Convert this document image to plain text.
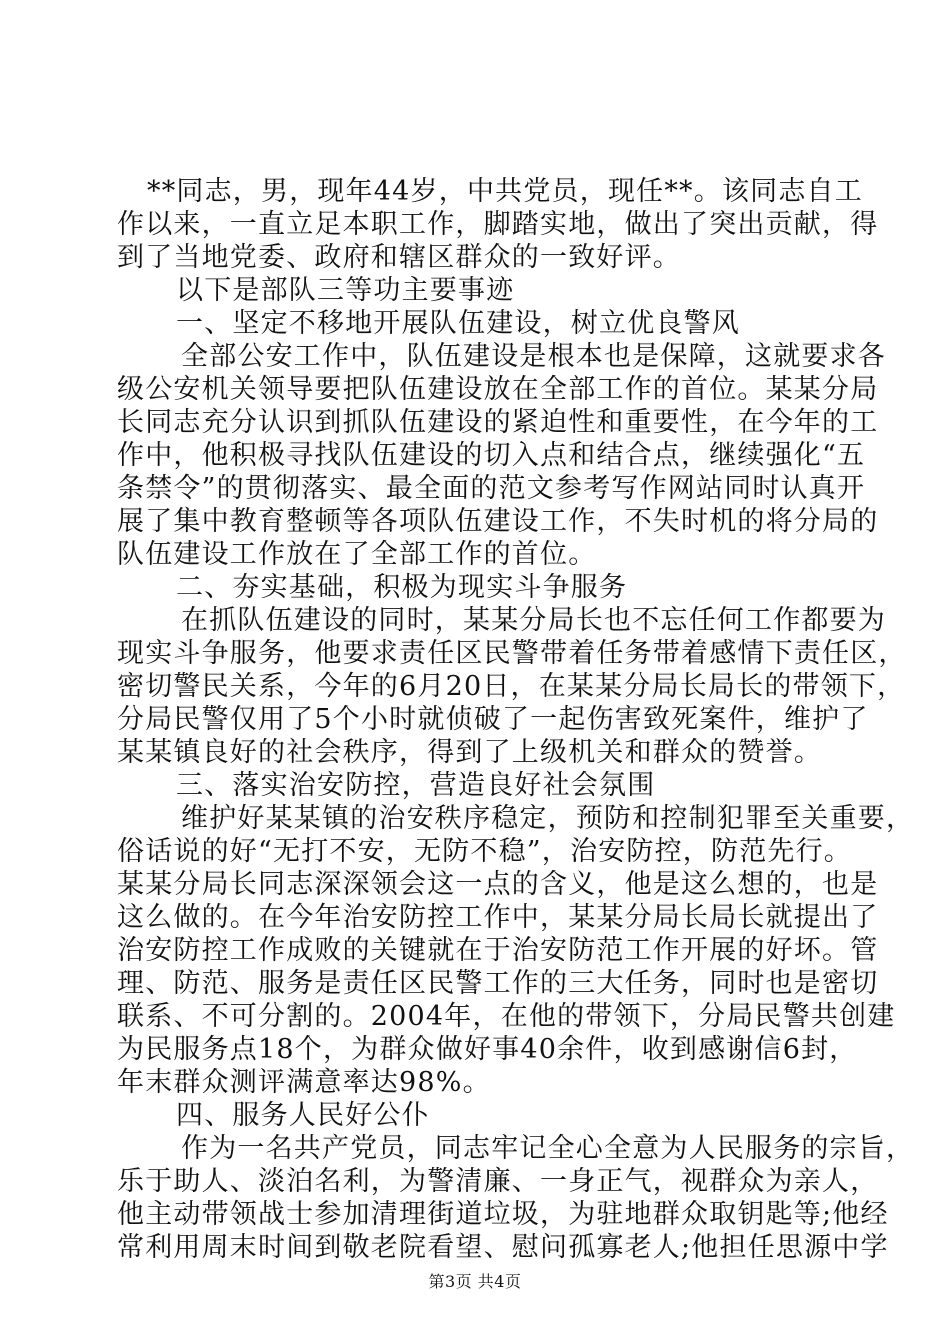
**同志，男，现年44岁，中共党员，现任**。该同志自工
作以来，一直立足本职工作，脚踏实地，做出了突出贡献，得
到了当地党委、政府和辖区群众的一致好评。
以下是部队三等功主要事迹
一、坚定不移地开展队伍建设，树立优良警风
全部公安工作中，队伍建设是根本也是保障，这就要求各
级公安机关领导要把队伍建设放在全部工作的首位。某某分局
长同志充分认识到抓队伍建设的紧迫性和重要性，在今年的工
作中，他积极寻找队伍建设的切入点和结合点，继续强化“五
条禁令”的贯彻落实、最全面的范文参考写作网站同时认真开
展了集中教育整顿等各项队伍建设工作，不失时机的将分局的
队伍建设工作放在了全部工作的首位。
二、夯实基础，积极为现实斗争服务
在抓队伍建设的同时，某某分局长也不忘任何工作都要为
现实斗争服务，他要求责任区民警带着任务带着感情下责任区，
密切警民关系，今年的6月20日，在某某分局长局长的带领下，
分局民警仅用了5个小时就侦破了一起伤害致死案件，维护了
某某镇良好的社会秩序，得到了上级机关和群众的赞誉。
三、落实治安防控，营造良好社会氛围
维护好某某镇的治安秩序稳定，预防和控制犯罪至关重要，
俗话说的好“无打不安，无防不稳”，治安防控，防范先行。
某某分局长同志深深领会这一点的含义，他是这么想的，也是
这么做的。在今年治安防控工作中，某某分局长局长就提出了
治安防控工作成败的关键就在于治安防范工作开展的好坏。管
理、防范、服务是责任区民警工作的三大任务，同时也是密切
联系、不可分割的。2004年，在他的带领下，分局民警共创建
为民服务点18个，为群众做好事40余件，收到感谢信6封，
年末群众测评满意率达98%。
四、服务人民好公仆
作为一名共产党员，同志牢记全心全意为人民服务的宗旨，
乐于助人、淡泊名利，为警清廉、一身正气，视群众为亲人，
他主动带领战士参加清理街道垃圾，为驻地群众取钥匙等;他经
常利用周末时间到敬老院看望、慰问孤寡老人;他担任思源中学
第3页 共4页
